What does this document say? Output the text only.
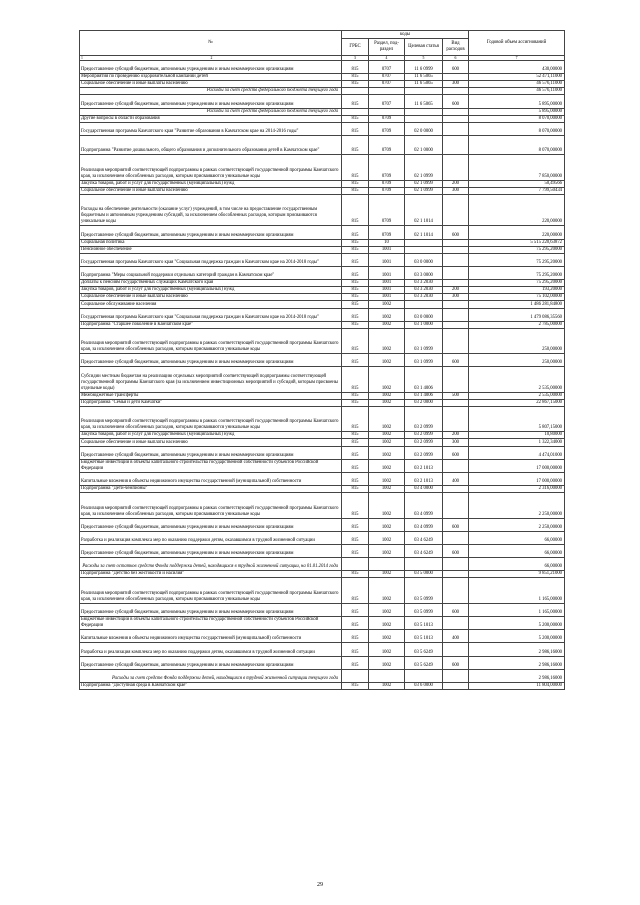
№	коды				Годовой объем ассигнований
	ГРБС	Раздел, под-раздел	Целевая статья	Вид расходов	

1 2	3	4	5	6	7
Предоставление субсидий бюджетным, автономным учреждениям и иным некоммерческим организациям	815	0707	11 6 0999	600	430,00000
Мероприятия по проведению оздоровительной кампании детей	815	0707	11 6 5065		52 471,11000
Социальное обеспечение и иные выплаты населению	815	0707	11 6 5065	300	46 576,11000
Расходы за счет средств федерального бюджета текущего года					46 576,11000
Предоставление субсидий бюджетным, автономным учреждениям и иным некоммерческим организациям	815	0707	11 6 5065	600	5 895,00000
Расходы за счет средств федерального бюджета текущего года					5 895,00000
Другие вопросы в области образования	815	0709			8 070,00000
Государственная программа Камчатского края "Развитие образования в Камчатском крае на 2014-2016 годы"	815	0709	02 0 0000		8 070,00000
Подпрограмма "Развитие дошкольного, общего образования и дополнительного образования детей в Камчатском крае"	815	0709	02 1 0000		8 070,00000
Реализация мероприятий соответствующей подпрограммы в рамках соответствующей государственной программы Камчатского края, за исключением обособленных расходов, которым присваиваются уникальные коды	815	0709	02 1 0999		7 850,00000
Закупка товаров, работ и услуг для государственных (муниципальных) нужд	815	0709	02 1 0999	200	50,49566
Социальное обеспечение и иные выплаты населению	815	0709	02 1 0999	300	7 799,50434
Расходы на обеспечение деятельности (оказание услуг) учреждений, в том числе на предоставление государственным бюджетным и автономным учреждениям субсидий, за исключением обособленных расходов, которым присваиваются уникальные коды	815	0709	02 1 1014		220,00000
Предоставление субсидий бюджетным, автономным учреждениям и иным некоммерческим организациям	815	0709	02 1 1014	600	220,00000
Социальная политика	815	10			5 515 220,63872
Пенсионное обеспечение	815	1001			75 295,20000
Государственная программа Камчатского края "Социальная поддержка граждан в Камчатском крае на 2014-2018 годы"	815	1001	03 0 0000		75 295,20000
Подпрограмма "Меры социальной поддержки отдельных категорий граждан в Камчатском крае"	815	1001	03 3 0000		75 295,20000
Доплаты к пенсиям государственных служащих Камчатского края	815	1001	03 3 2030		75 295,20000
Закупка товаров, работ и услуг для государственных (муниципальных) нужд	815	1001	03 3 2030	200	193,20000
Социальное обеспечение и иные выплаты населению	815	1001	03 3 2030	300	75 102,00000
Социальное обслуживание населения	815	1002			1 486 281,84800
Государственная программа Камчатского края "Социальная поддержка граждан в Камчатском крае на 2014-2018 годы"	815	1002	03 0 0000		1 479 086,35560
Подпрограмма "Старшее поколение в Камчатском крае"	815	1002	03 1 0000		2 785,00000
Реализация мероприятий соответствующей подпрограммы в рамках соответствующей государственной программы Камчатского края, за исключением обособленных расходов, которым присваиваются уникальные коды	815	1002	03 1 0999		250,00000
Предоставление субсидий бюджетным, автономным учреждениям и иным некоммерческим организациям	815	1002	03 1 0999	600	250,00000
Субсидии местным бюджетам на реализацию отдельных мероприятий соответствующей подпрограммы соответствующей государственной программы Камчатского края (за исключением инвестиционных мероприятий и субсидий, которым присвоены отдельные коды)	815	1002	03 1 4006		2 535,00000
Межбюджетные трансферты	815	1002	03 1 4006	500	2 535,00000
Подпрограмма "Семья и дети Камчатки"	815	1002	03 2 0000		22 867,15000
Реализация мероприятий соответствующей подпрограммы в рамках соответствующей государственной программы Камчатского края, за исключением обособленных расходов, которым присваиваются уникальные коды	815	1002	03 2 0999		5 807,15000
Закупка товаров, работ и услуг для государственных (муниципальных) нужд	815	1002	03 2 0999	200	10,80000
Социальное обеспечение и иные выплаты населению	815	1002	03 2 0999	300	1 322,34000
Предоставление субсидий бюджетным, автономным учреждениям и иным некоммерческим организациям	815	1002	03 2 0999	600	4 474,01000
Бюджетные инвестиции в объекты капитального строительства государственной собственности субъектов Российской Федерации	815	1002	03 2 1013		17 000,00000
Капитальные вложения в объекты недвижимого имущества государственной (муниципальной) собственности	815	1002	03 2 1013	400	17 000,00000
Подпрограмма "Дети-чемпионы"	815	1002	03 4 0000		2 316,00000
Реализация мероприятий соответствующей подпрограммы в рамках соответствующей государственной программы Камчатского края, за исключением обособленных расходов, которым присваиваются уникальные коды	815	1002	03 4 0999		2 250,00000
Предоставление субсидий бюджетным, автономным учреждениям и иным некоммерческим организациям	815	1002	03 4 0999	600	2 250,00000
Разработка и реализация комплекса мер по оказанию поддержки детям, оказавшимся в трудной жизненной ситуации	815	1002	03 4 6249		66,00000
Предоставление субсидий бюджетным, автономным учреждениям и иным некоммерческим организациям	815	1002	03 4 6249	600	66,00000
Расходы за счет остатков средств Фонда поддержки детей, находящихся в трудной жизненной ситуации, на 01.01.2014 года					66,00000
Подпрограмма "Детство без жестокости и насилия"	815	1002	03 5 0000		9 851,21000
Реализация мероприятий соответствующей подпрограммы в рамках соответствующей государственной программы Камчатского края, за исключением обособленных расходов, которым присваиваются уникальные коды	815	1002	03 5 0999		1 165,00000
Предоставление субсидий бюджетным, автономным учреждениям и иным некоммерческим организациям	815	1002	03 5 0999	600	1 165,00000
Бюджетные инвестиции в объекты капитального строительства государственной собственности субъектов Российской Федерации	815	1002	03 5 1013		5 200,00000
Капитальные вложения в объекты недвижимого имущества государственной (муниципальной) собственности	815	1002	03 5 1013	400	5 200,00000
Разработка и реализация комплекса мер по оказанию поддержки детям, оказавшимся в трудной жизненной ситуации	815	1002	03 5 6249		2 986,16000
Предоставление субсидий бюджетным, автономным учреждениям и иным некоммерческим организациям	815	1002	03 5 6249	600	2 986,16000
Расходы за счет средств Фонда поддержки детей, находящихся в трудной жизненной ситуации текущего года					2 986,16000
Подпрограмма "Доступная среда в Камчатском крае"	815	1002	03 6 0000		11 804,00000
29
